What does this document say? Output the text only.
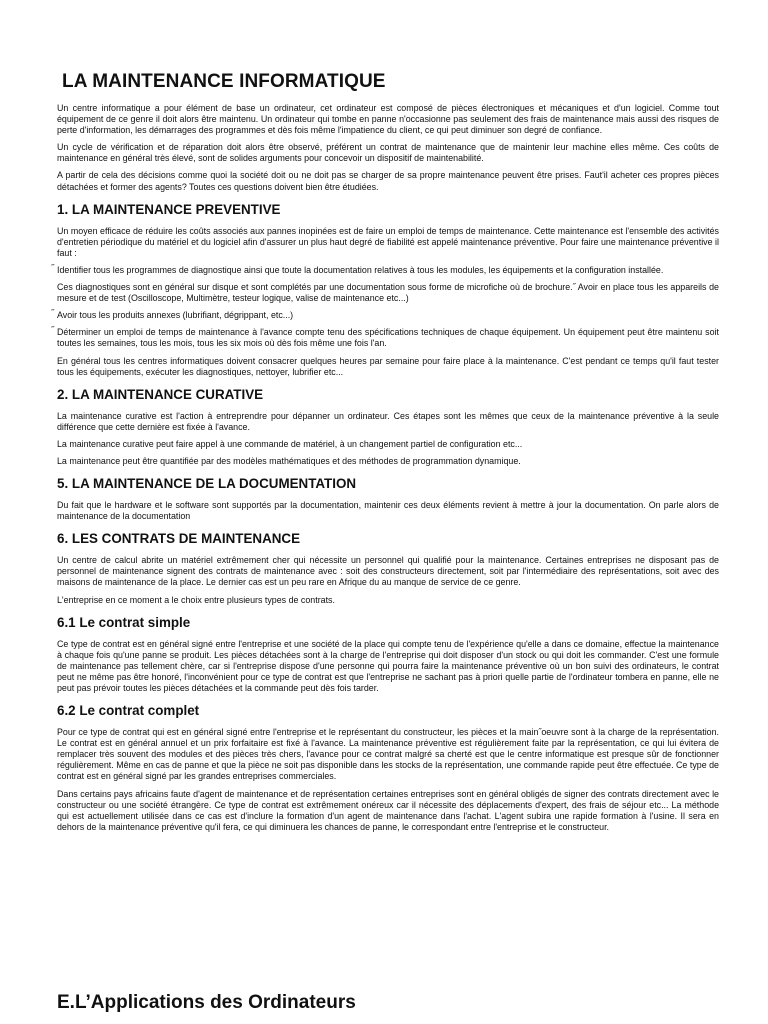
LA MAINTENANCE INFORMATIQUE

Un centre informatique a pour élément de base un ordinateur, cet ordinateur est composé de pièces électroniques et mécaniques et d'un logiciel. Comme tout équipement de ce genre il doit alors être maintenu. Un ordinateur qui tombe en panne n'occasionne pas seulement des frais de maintenance mais aussi des risques de perte d'information, les démarrages des programmes et dès fois même l'impatience du client, ce qui peut diminuer son degré de confiance.

Un cycle de vérification et de réparation doit alors être observé, préférent un contrat de maintenance que de maintenir leur machine elles même. Ces coûts de maintenance en général très élevé, sont de solides arguments pour concevoir un dispositif de maintenabilité.

A partir de cela des décisions comme quoi la société doit ou ne doit pas se charger de sa propre maintenance peuvent être prises. Faut'il acheter ces propres pièces détachées et former des agents? Toutes ces questions doivent bien être étudiées.

1. LA MAINTENANCE PREVENTIVE

Un moyen efficace de réduire les coûts associés aux pannes inopinées est de faire un emploi de temps de maintenance. Cette maintenance est l'ensemble des activités d'entretien périodique du matériel et du logiciel afin d'assurer un plus haut degré de fiabilité est appelé maintenance préventive. Pour faire une maintenance préventive il faut :

˝ Identifier tous les programmes de diagnostique ainsi que toute la documentation relatives à tous les modules, les équipements et la configuration installée.

Ces diagnostiques sont en général sur disque et sont complétés par une documentation sous forme de microfiche où de brochure.˝ Avoir en place tous les appareils de mesure et de test (Oscilloscope, Multimètre, testeur logique, valise de maintenance etc...)

˝ Avoir tous les produits annexes (lubrifiant, dégrippant, etc...)

˝ Déterminer un emploi de temps de maintenance à l'avance compte tenu des spécifications techniques de chaque équipement. Un équipement peut être maintenu soit toutes les semaines, tous les mois, tous les six mois où dès fois même une fois l'an.

En général tous les centres informatiques doivent consacrer quelques heures par semaine pour faire place à la maintenance. C'est pendant ce temps qu'il faut tester tous les équipements, exécuter les diagnostiques, nettoyer, lubrifier etc...

2. LA MAINTENANCE CURATIVE

La maintenance curative est l'action à entreprendre pour dépanner un ordinateur. Ces étapes sont les mêmes que ceux de la maintenance préventive à la seule différence que cette dernière est fixée à l'avance.

La maintenance curative peut faire appel à une commande de matériel, à un changement partiel de configuration etc...

La maintenance peut être quantifiée par des modèles mathématiques et des méthodes de programmation dynamique.

5. LA MAINTENANCE DE LA DOCUMENTATION

Du fait que le hardware et le software sont supportés par la documentation, maintenir ces deux éléments revient à mettre à jour la documentation. On parle alors de maintenance de la documentation

6. LES CONTRATS DE MAINTENANCE

Un centre de calcul abrite un matériel extrêmement cher qui nécessite un personnel qui qualifié pour la maintenance. Certaines entreprises ne disposant pas de personnel de maintenance signent des contrats de maintenance avec : soit des constructeurs directement, soit par l'intermédiaire des représentations, soit avec des maisons de maintenance de la place. Le dernier cas est un peu rare en Afrique du au manque de service de ce genre.

L'entreprise en ce moment a le choix entre plusieurs types de contrats.

6.1 Le contrat simple

Ce type de contrat est en général signé entre l'entreprise et une société de la place qui compte tenu de l'expérience qu'elle a dans ce domaine, effectue la maintenance à chaque fois qu'une panne se produit. Les pièces détachées sont à la charge de l'entreprise qui doit disposer d'un stock ou qui doit les commander. C'est une formule de maintenance pas tellement chère, car si l'entreprise dispose d'une personne qui pourra faire la maintenance préventive où un bon suivi des ordinateurs, le contrat peut ne même pas être honoré, l'inconvénient pour ce type de contrat est que l'entreprise ne sachant pas à priori quelle partie de l'ordinateur tombera en panne, elle ne peut pas prévoir toutes les pièces détachées et la commande peut dès fois tarder.

6.2 Le contrat complet

Pour ce type de contrat qui est en général signé entre l'entreprise et le représentant du constructeur, les pièces et la main˝oeuvre sont à la charge de la représentation. Le contrat est en général annuel et un prix forfaitaire est fixé à l'avance. La maintenance préventive est régulièrement faite par la représentation, ce qui lui évitera de remplacer très souvent des modules et des pièces très chers, l'avance pour ce contrat malgré sa cherté est que le centre informatique est presque sûr de fonctionner régulièrement. Même en cas de panne et que la pièce ne soit pas disponible dans les stocks de la représentation, une commande rapide peut être effectuée. Ce type de contrat est en général signé par les grandes entreprises commerciales.

Dans certains pays africains faute d'agent de maintenance et de représentation certaines entreprises sont en général obligés de signer des contrats directement avec le constructeur ou une société étrangère. Ce type de contrat est extrêmement onéreux car il nécessite des déplacements d'expert, des frais de séjour etc... La méthode qui est actuellement utilisée dans ce cas est d'inclure la formation d'un agent de maintenance dans l'achat. L'agent subira une rapide formation à l'usine. Il sera en dehors de la maintenance préventive qu'il fera, ce qui diminuera les chances de panne, le correspondant entre l'entreprise et le constructeur.

E.L’Applications des Ordinateurs
